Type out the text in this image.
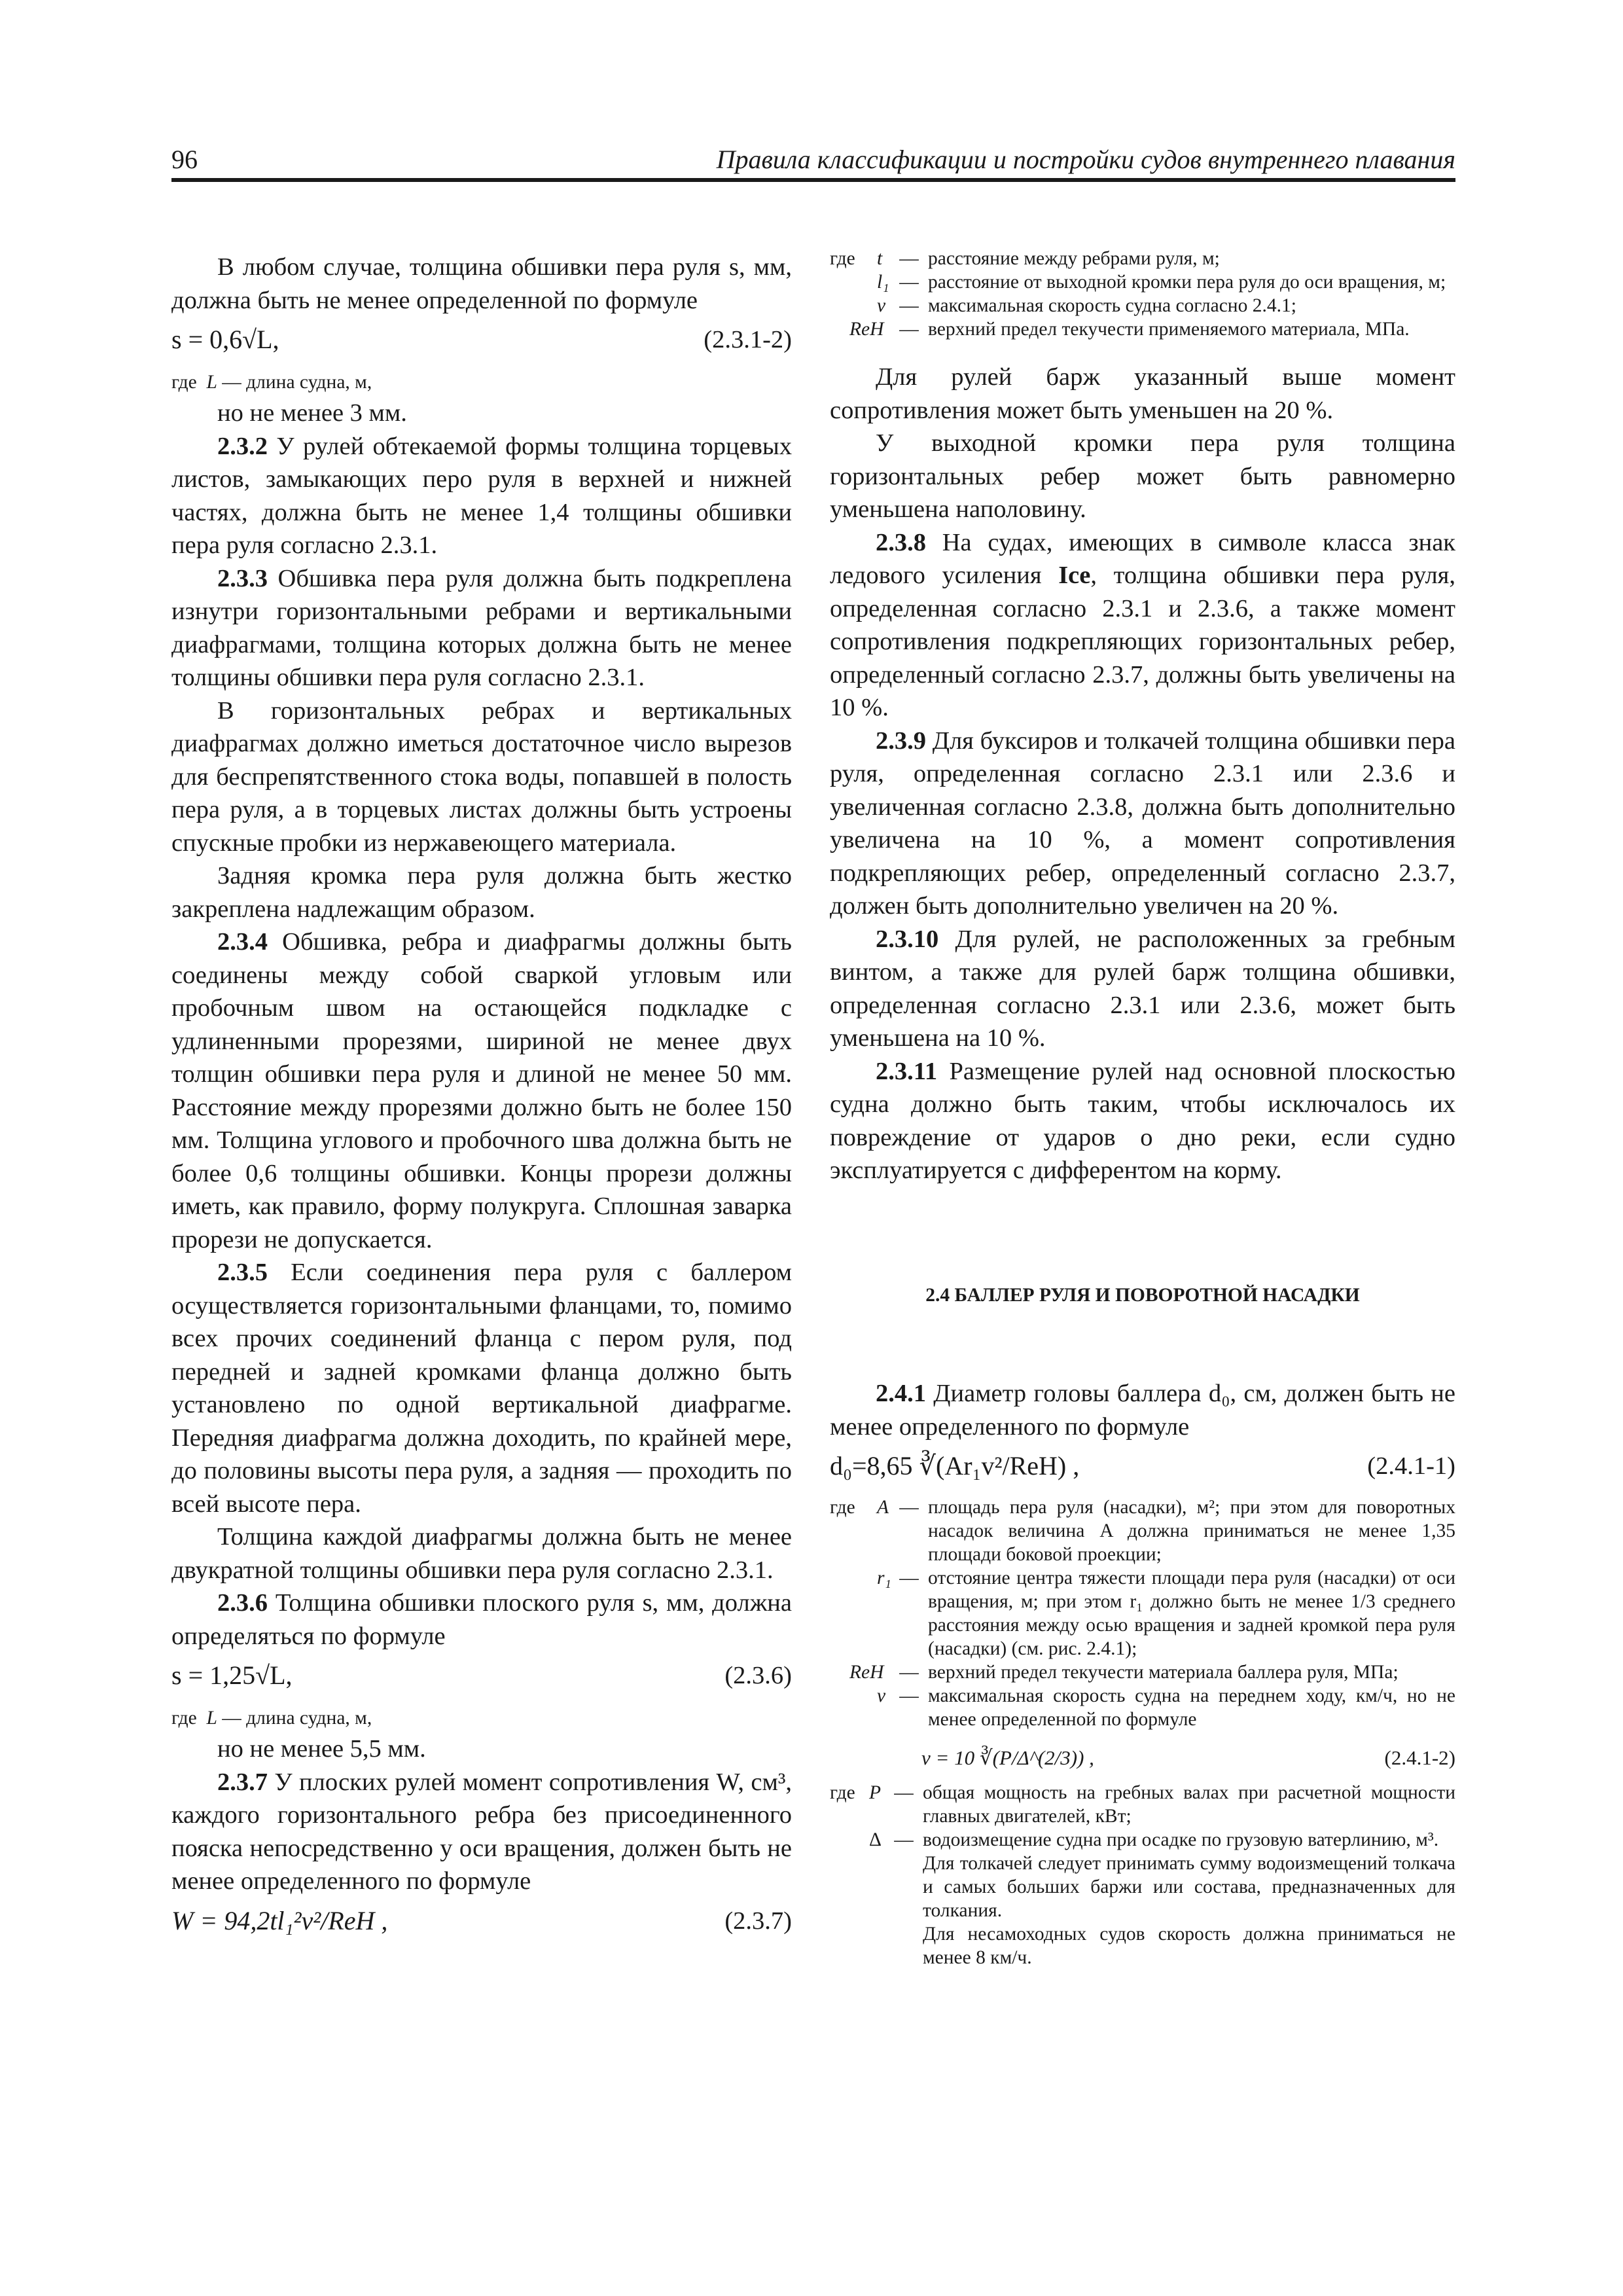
96	Правила классификации и постройки судов внутреннего плавания

В любом случае, толщина обшивки пера руля s, мм, должна быть не менее определенной по формуле

s = 0,6√L,	(2.3.1-2)
где L — длина судна, м,

но не менее 3 мм.

2.3.2 У рулей обтекаемой формы толщина торцевых листов, замыкающих перо руля в верхней и нижней частях, должна быть не менее 1,4 толщины обшивки пера руля согласно 2.3.1.

2.3.3 Обшивка пера руля должна быть подкреплена изнутри горизонтальными ребрами и вертикальными диафрагмами, толщина которых должна быть не менее толщины обшивки пера руля согласно 2.3.1.

В горизонтальных ребрах и вертикальных диафрагмах должно иметься достаточное число вырезов для беспрепятственного стока воды, попавшей в полость пера руля, а в торцевых листах должны быть устроены спускные пробки из нержавеющего материала.

Задняя кромка пера руля должна быть жестко закреплена надлежащим образом.

2.3.4 Обшивка, ребра и диафрагмы должны быть соединены между собой сваркой угловым или пробочным швом на остающейся подкладке с удлиненными прорезями, шириной не менее двух толщин обшивки пера руля и длиной не менее 50 мм. Расстояние между прорезями должно быть не более 150 мм. Толщина углового и пробочного шва должна быть не более 0,6 толщины обшивки. Концы прорези должны иметь, как правило, форму полукруга. Сплошная заварка прорези не допускается.

2.3.5 Если соединения пера руля с баллером осуществляется горизонтальными фланцами, то, помимо всех прочих соединений фланца с пером руля, под передней и задней кромками фланца должно быть установлено по одной вертикальной диафрагме. Передняя диафрагма должна доходить, по крайней мере, до половины высоты пера руля, а задняя — проходить по всей высоте пера.

Толщина каждой диафрагмы должна быть не менее двукратной толщины обшивки пера руля согласно 2.3.1.

2.3.6 Толщина обшивки плоского руля s, мм, должна определяться по формуле

s = 1,25√L,	(2.3.6)
где L — длина судна, м,

но не менее 5,5 мм.

2.3.7 У плоских рулей момент сопротивления W, см³, каждого горизонтального ребра без присоединенного пояска непосредственно у оси вращения, должен быть не менее определенного по формуле

W = 94,2tl₁²v²/ReH ,	(2.3.7)
где	t — расстояние между ребрами руля, м;
l₁ — расстояние от выходной кромки пера руля до оси вращения, м;
v — максимальная скорость судна согласно 2.4.1;
ReH — верхний предел текучести применяемого материала, МПа.

Для рулей барж указанный выше момент сопротивления может быть уменьшен на 20 %.

У выходной кромки пера руля толщина горизонтальных ребер может быть равномерно уменьшена наполовину.

2.3.8 На судах, имеющих в символе класса знак ледового усиления Ice, толщина обшивки пера руля, определенная согласно 2.3.1 и 2.3.6, а также момент сопротивления подкрепляющих горизонтальных ребер, определенный согласно 2.3.7, должны быть увеличены на 10 %.

2.3.9 Для буксиров и толкачей толщина обшивки пера руля, определенная согласно 2.3.1 или 2.3.6 и увеличенная согласно 2.3.8, должна быть дополнительно увеличена на 10 %, а момент сопротивления подкрепляющих ребер, определенный согласно 2.3.7, должен быть дополнительно увеличен на 20 %.

2.3.10 Для рулей, не расположенных за гребным винтом, а также для рулей барж толщина обшивки, определенная согласно 2.3.1 или 2.3.6, может быть уменьшена на 10 %.

2.3.11 Размещение рулей над основной плоскостью судна должно быть таким, чтобы исключалось их повреждение от ударов о дно реки, если судно эксплуатируется с дифферентом на корму.

2.4 БАЛЛЕР РУЛЯ И ПОВОРОТНОЙ НАСАДКИ

2.4.1 Диаметр головы баллера d₀, см, должен быть не менее определенного по формуле

d₀=8,65 ∛(Ar₁v²/ReH) ,	(2.4.1-1)
где	A — площадь пера руля (насадки), м²; при этом для поворотных насадок величина A должна приниматься не менее 1,35 площади боковой проекции;
r₁ — отстояние центра тяжести площади пера руля (насадки) от оси вращения, м; при этом r₁ должно быть не менее 1/3 среднего расстояния между осью вращения и задней кромкой пера руля (насадки) (см. рис. 2.4.1);
ReH — верхний предел текучести материала баллера руля, МПа;
v — максимальная скорость судна на переднем ходу, км/ч, но не менее определенной по формуле
v = 10 ∛(P/Δ^(2/3)) ,	(2.4.1-2)
где P — общая мощность на гребных валах при расчетной мощности главных двигателей, кВт;
Δ — водоизмещение судна при осадке по грузовую ватерлинию, м³.
Для толкачей следует принимать сумму водоизмещений толкача и самых больших баржи или состава, предназначенных для толкания.
Для несамоходных судов скорость должна приниматься не менее 8 км/ч.
